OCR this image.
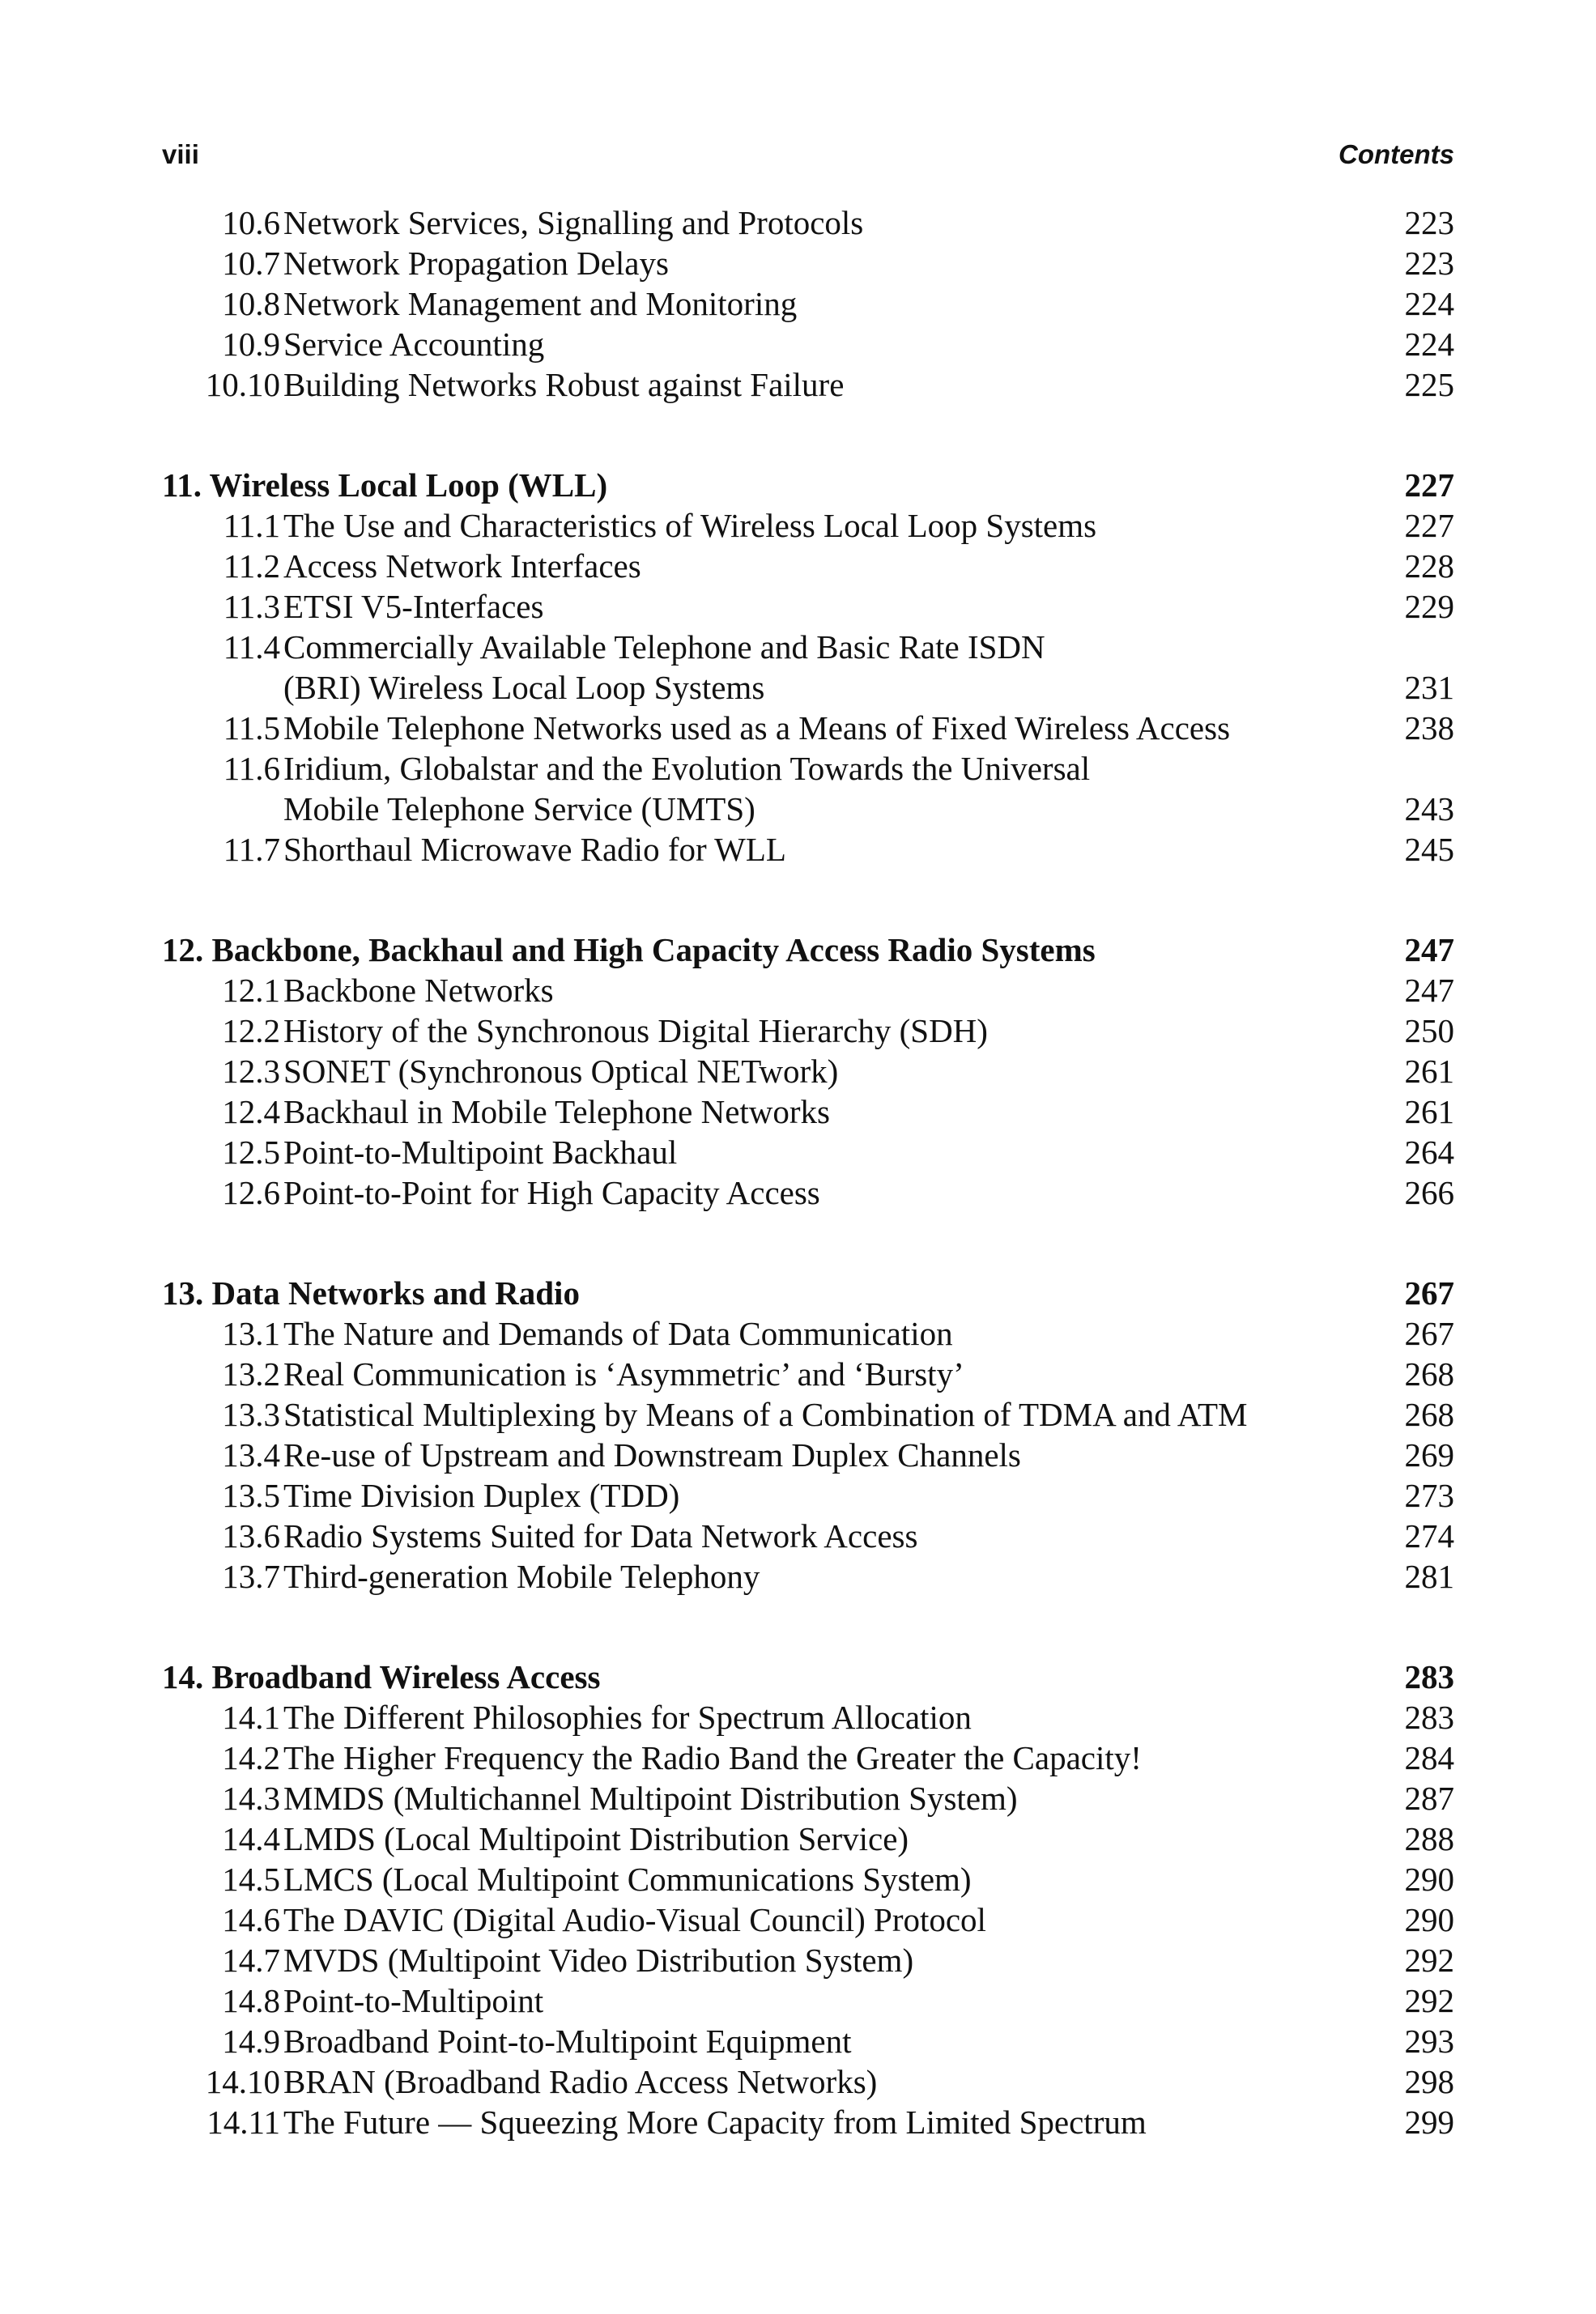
viii	Contents
10.6 Network Services, Signalling and Protocols	223
10.7 Network Propagation Delays	223
10.8 Network Management and Monitoring	224
10.9 Service Accounting	224
10.10 Building Networks Robust against Failure	225
11. Wireless Local Loop (WLL)	227
11.1 The Use and Characteristics of Wireless Local Loop Systems	227
11.2 Access Network Interfaces	228
11.3 ETSI V5-Interfaces	229
11.4 Commercially Available Telephone and Basic Rate ISDN
(BRI) Wireless Local Loop Systems	231
11.5 Mobile Telephone Networks used as a Means of Fixed Wireless Access	238
11.6 Iridium, Globalstar and the Evolution Towards the Universal
Mobile Telephone Service (UMTS)	243
11.7 Shorthaul Microwave Radio for WLL	245
12. Backbone, Backhaul and High Capacity Access Radio Systems	247
12.1 Backbone Networks	247
12.2 History of the Synchronous Digital Hierarchy (SDH)	250
12.3 SONET (Synchronous Optical NETwork)	261
12.4 Backhaul in Mobile Telephone Networks	261
12.5 Point-to-Multipoint Backhaul	264
12.6 Point-to-Point for High Capacity Access	266
13. Data Networks and Radio	267
13.1 The Nature and Demands of Data Communication	267
13.2 Real Communication is ‘Asymmetric’ and ‘Bursty’	268
13.3 Statistical Multiplexing by Means of a Combination of TDMA and ATM	268
13.4 Re-use of Upstream and Downstream Duplex Channels	269
13.5 Time Division Duplex (TDD)	273
13.6 Radio Systems Suited for Data Network Access	274
13.7 Third-generation Mobile Telephony	281
14. Broadband Wireless Access	283
14.1 The Different Philosophies for Spectrum Allocation	283
14.2 The Higher Frequency the Radio Band the Greater the Capacity!	284
14.3 MMDS (Multichannel Multipoint Distribution System)	287
14.4 LMDS (Local Multipoint Distribution Service)	288
14.5 LMCS (Local Multipoint Communications System)	290
14.6 The DAVIC (Digital Audio-Visual Council) Protocol	290
14.7 MVDS (Multipoint Video Distribution System)	292
14.8 Point-to-Multipoint	292
14.9 Broadband Point-to-Multipoint Equipment	293
14.10 BRAN (Broadband Radio Access Networks)	298
14.11 The Future — Squeezing More Capacity from Limited Spectrum	299
